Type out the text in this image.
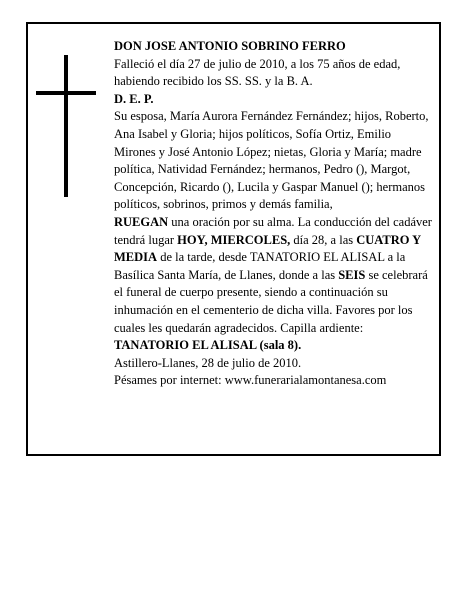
DON JOSE ANTONIO SOBRINO FERRO

Falleció el día 27 de julio de 2010, a los 75 años de edad, habiendo recibido los SS. SS. y la B. A.

D. E. P.

Su esposa, María Aurora Fernández Fernández; hijos, Roberto, Ana Isabel y Gloria; hijos políticos, Sofía Ortiz, Emilio Mirones y José Antonio López; nietas, Gloria y María; madre política, Natividad Fernández; hermanos, Pedro (), Margot, Concepción, Ricardo (), Lucila y Gaspar Manuel (); hermanos políticos, sobrinos, primos y demás familia,

RUEGAN una oración por su alma. La conducción del cadáver tendrá lugar HOY, MIERCOLES, día 28, a las CUATRO Y MEDIA de la tarde, desde TANATORIO EL ALISAL a la Basílica Santa María, de Llanes, donde a las SEIS se celebrará el funeral de cuerpo presente, siendo a continuación su inhumación en el cementerio de dicha villa. Favores por los cuales les quedarán agradecidos. Capilla ardiente:

TANATORIO EL ALISAL (sala 8).

Astillero-Llanes, 28 de julio de 2010.

Pésames por internet: www.funerarialamontanesa.com
